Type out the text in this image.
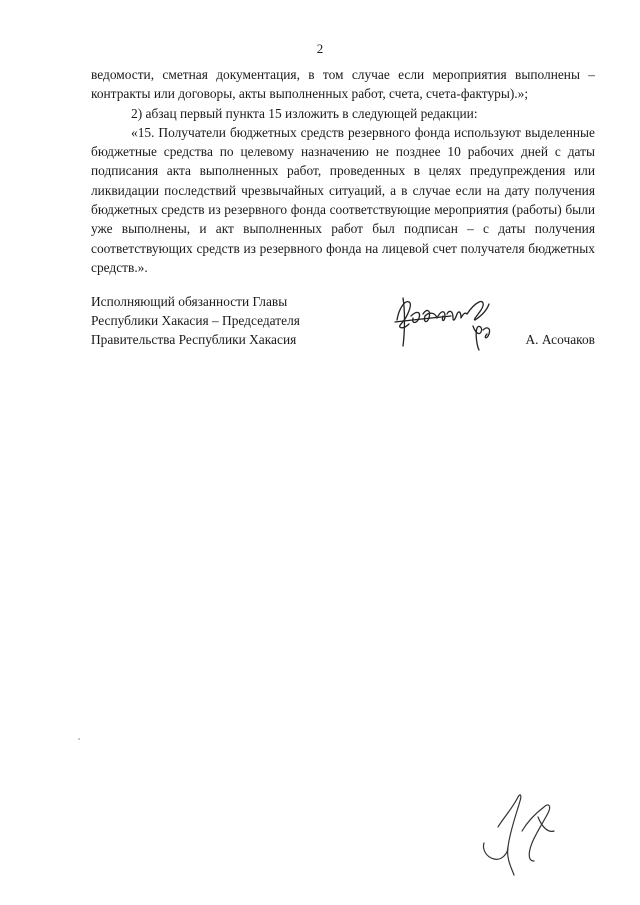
2

ведомости, сметная документация, в том случае если мероприятия выполнены – контракты или договоры, акты выполненных работ, счета, счета-фактуры).»;

2) абзац первый пункта 15 изложить в следующей редакции:

«15. Получатели бюджетных средств резервного фонда используют выделенные бюджетные средства по целевому назначению не позднее 10 рабочих дней с даты подписания акта выполненных работ, проведенных в целях предупреждения или ликвидации последствий чрезвычайных ситуаций, а в случае если на дату получения бюджетных средств из резервного фонда соответствующие мероприятия (работы) были уже выполнены, и акт выполненных работ был подписан – с даты получения соответствующих средств из резервного фонда на лицевой счет получателя бюджетных средств.».

Исполняющий обязанности Главы
Республики Хакасия – Председателя
Правительства Республики Хакасия	А. Асочаков
